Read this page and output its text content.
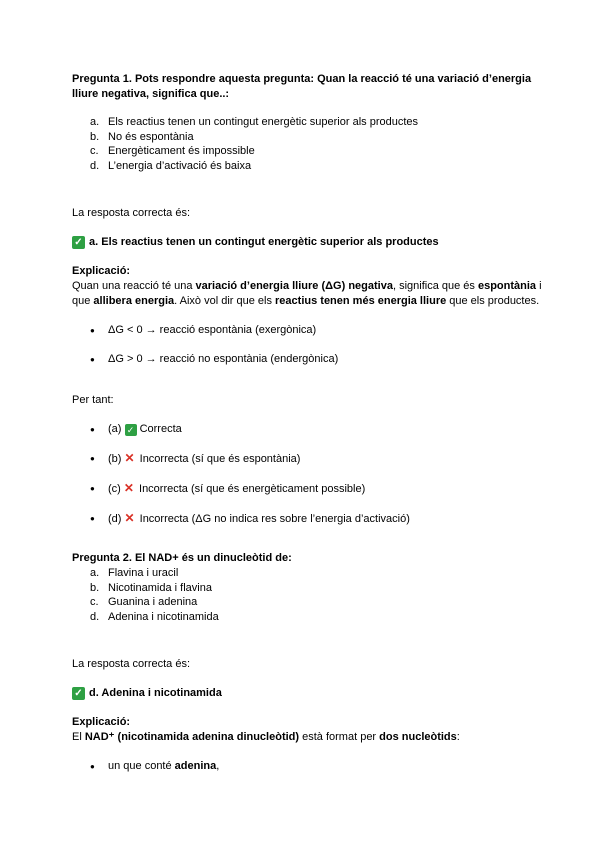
Pregunta 1. Pots respondre aquesta pregunta: Quan la reacció té una variació d’energia lliure negativa, significa que..:

a. Els reactius tenen un contingut energètic superior als productes
b. No és espontània
c. Energèticament és impossible
d. L’energia d’activació és baixa
La resposta correcta és:
✓ a. Els reactius tenen un contingut energètic superior als productes
Explicació:

Quan una reacció té una variació d’energia lliure (ΔG) negativa, significa que és espontània i que allibera energia. Això vol dir que els reactius tenen més energia lliure que els productes.

● ΔG < 0 → reacció espontània (exergònica)
● ΔG > 0 → reacció no espontània (endergònica)
Per tant:
● (a) ✓ Correcta
● (b) ✕ Incorrecta (sí que és espontània)
● (c) ✕ Incorrecta (sí que és energèticament possible)
● (d) ✕ Incorrecta (ΔG no indica res sobre l’energia d’activació)

Pregunta 2. El NAD+ és un dinucleòtid de:

a. Flavina i uracil
b. Nicotinamida i flavina
c. Guanina i adenina
d. Adenina i nicotinamida
La resposta correcta és:
✓ d. Adenina i nicotinamida
Explicació:

El NAD⁺ (nicotinamida adenina dinucleòtid) està format per dos nucleòtids:

● un que conté adenina,
